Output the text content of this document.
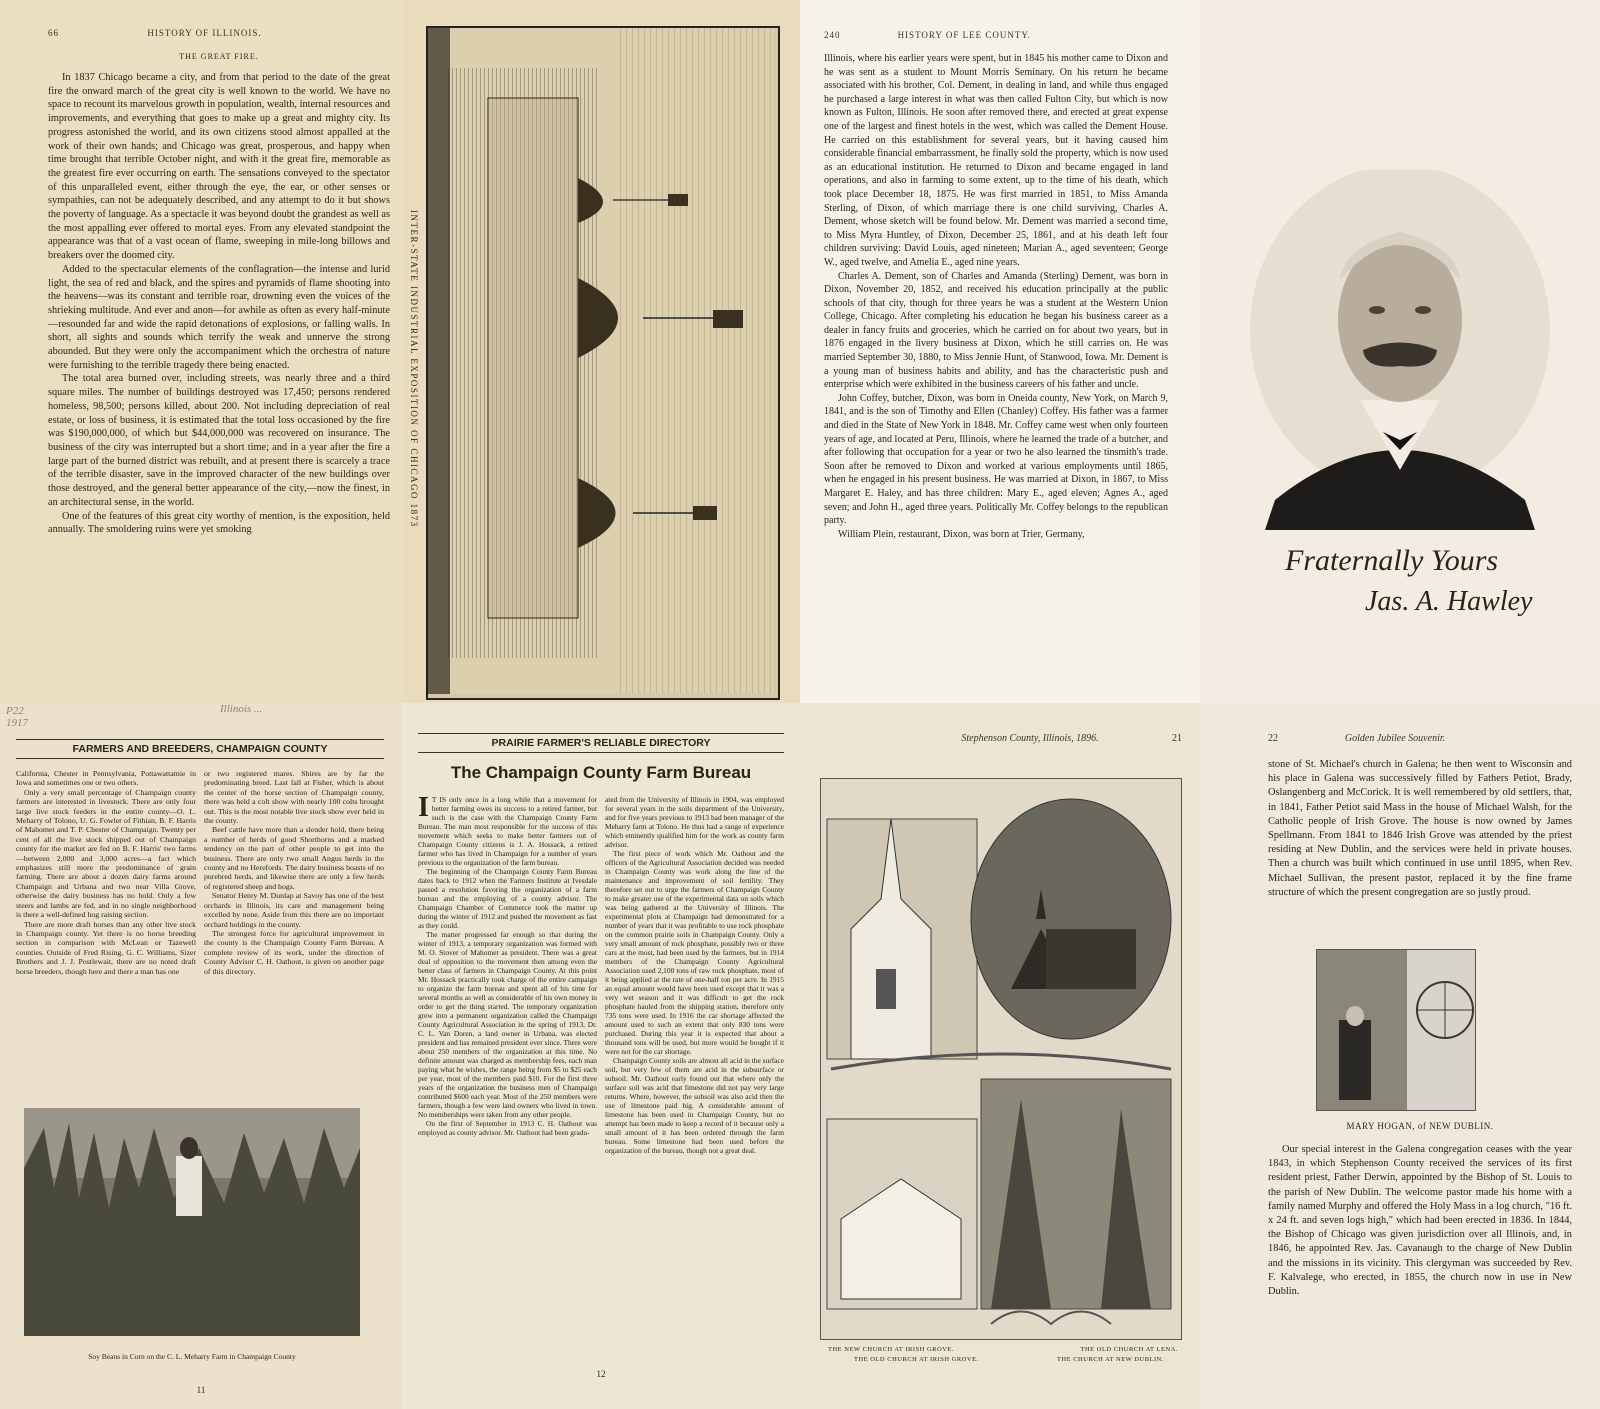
66	HISTORY OF ILLINOIS.
THE GREAT FIRE.

In 1837 Chicago became a city, and from that period to the date of the great fire the onward march of the great city is well known to the world. We have no space to recount its marvelous growth in population, wealth, internal resources and improvements, and everything that goes to make up a great and mighty city. Its progress astonished the world, and its own citizens stood almost appalled at the work of their own hands; and Chicago was great, prosperous, and happy when time brought that terrible October night, and with it the great fire, memorable as the greatest fire ever occurring on earth. The sensations conveyed to the spectator of this unparalleled event, either through the eye, the ear, or other senses or sympathies, can not be adequately described, and any attempt to do it but shows the poverty of language. As a spectacle it was beyond doubt the grandest as well as the most appalling ever offered to mortal eyes. From any elevated standpoint the appearance was that of a vast ocean of flame, sweeping in mile-long billows and breakers over the doomed city.

Added to the spectacular elements of the conflagration—the intense and lurid light, the sea of red and black, and the spires and pyramids of flame shooting into the heavens—was its constant and terrible roar, drowning even the voices of the shrieking multitude. And ever and anon—for awhile as often as every half-minute—resounded far and wide the rapid detonations of explosions, or falling walls. In short, all sights and sounds which terrify the weak and unnerve the strong abounded. But they were only the accompaniment which the orchestra of nature were furnishing to the terrible tragedy there being enacted.

The total area burned over, including streets, was nearly three and a third square miles. The number of buildings destroyed was 17,450; persons rendered homeless, 98,500; persons killed, about 200. Not including depreciation of real estate, or loss of business, it is estimated that the total loss occasioned by the fire was $190,000,000, of which but $44,000,000 was recovered on insurance. The business of the city was interrupted but a short time; and in a year after the fire a large part of the burned district was rebuilt, and at present there is scarcely a trace of the terrible disaster, save in the improved character of the new buildings over those destroyed, and the general better appearance of the city,—now the finest, in an architectural sense, in the world.

One of the features of this great city worthy of mention, is the exposition, held annually. The smoldering ruins were yet smoking

INTER-STATE INDUSTRIAL EXPOSITION OF CHICAGO 1873
240	HISTORY OF LEE COUNTY.

Illinois, where his earlier years were spent, but in 1845 his mother came to Dixon and he was sent as a student to Mount Morris Seminary. On his return he became associated with his brother, Col. Dement, in dealing in land, and while thus engaged he purchased a large interest in what was then called Fulton City, but which is now known as Fulton, Illinois. He soon after removed there, and erected at great expense one of the largest and finest hotels in the west, which was called the Dement House. He carried on this establishment for several years, but it having caused him considerable financial embarrassment, he finally sold the property, which is now used as an educational institution. He returned to Dixon and became engaged in land operations, and also in farming to some extent, up to the time of his death, which took place December 18, 1875. He was first married in 1851, to Miss Amanda Sterling, of Dixon, of which marriage there is one child surviving, Charles A. Dement, whose sketch will be found below. Mr. Dement was married a second time, to Miss Myra Huntley, of Dixon, December 25, 1861, and at his death left four children surviving: David Louis, aged nineteen; Marian A., aged seventeen; George W., aged twelve, and Amelia E., aged nine years.

Charles A. Dement, son of Charles and Amanda (Sterling) Dement, was born in Dixon, November 20, 1852, and received his education principally at the public schools of that city, though for three years he was a student at the Western Union College, Chicago. After completing his education he began his business career as a dealer in fancy fruits and groceries, which he carried on for about two years, but in 1876 engaged in the livery business at Dixon, which he still carries on. He was married September 30, 1880, to Miss Jennie Hunt, of Stanwood, Iowa. Mr. Dement is a young man of business habits and ability, and has the characteristic push and enterprise which were exhibited in the business careers of his father and uncle.

John Coffey, butcher, Dixon, was born in Oneida county, New York, on March 9, 1841, and is the son of Timothy and Ellen (Chanley) Coffey. His father was a farmer and died in the State of New York in 1848. Mr. Coffey came west when only fourteen years of age, and located at Peru, Illinois, where he learned the trade of a butcher, and after following that occupation for a year or two he also learned the tinsmith's trade. Soon after he removed to Dixon and worked at various employments until 1865, when he engaged in his present business. He was married at Dixon, in 1867, to Miss Margaret E. Haley, and has three children: Mary E., aged eleven; Agnes A., aged seven; and John H., aged three years. Politically Mr. Coffey belongs to the republican party.

William Plein, restaurant, Dixon, was born at Trier, Germany,

Fraternally Yours
Jas. A. Hawley
P22 1917
Illinois ...
FARMERS AND BREEDERS, CHAMPAIGN COUNTY

California, Chester in Pennsylvania, Pottawattamie in Iowa and sometimes one or two others.

Only a very small percentage of Champaign county farmers are interested in livestock. There are only four large live stock feeders in the entire county—O. L. Meharry of Tolono, U. G. Fowler of Fithian, B. F. Harris of Mahomet and T. P. Chester of Champaign. Twenty per cent of all the live stock shipped out of Champaign county for the market are fed on B. F. Harris' two farms—between 2,000 and 3,000 acres—a fact which emphasizes still more the predominance of grain farming. There are about a dozen dairy farms around Champaign and Urbana and two near Villa Grove, otherwise the dairy business has no hold. Only a few steers and lambs are fed, and in no single neighborhood is there a well-defined hog raising section.

There are more draft horses than any other live stock in Champaign county. Yet there is no horse breeding section in comparison with McLean or Tazewell counties. Outside of Fred Rising, G. C. Williams, Sizer Brothers and J. J. Postlewait, there are no noted draft horse breeders, though here and there a man has one

or two registered mares. Shires are by far the predominating breed. Last fall at Fisher, which is about the center of the horse section of Champaign county, there was held a colt show with nearly 100 colts brought out. This is the most notable live stock show ever held in the county.

Beef cattle have more than a slender hold, there being a number of herds of good Shorthorns and a marked tendency on the part of other people to get into the business. There are only two small Angus herds in the county and no Herefords. The dairy business boasts of no purebred herds, and likewise there are only a few herds of registered sheep and hogs.

Senator Henry M. Dunlap at Savoy has one of the best orchards in Illinois, its care and management being excelled by none. Aside from this there are no important orchard holdings in the county.

The strongest force for agricultural improvement in the county is the Champaign County Farm Bureau. A complete review of its work, under the direction of County Advisor C. H. Oathout, is given on another page of this directory.

Soy Beans in Corn on the C. L. Meharry Farm in Champaign County
11
PRAIRIE FARMER'S RELIABLE DIRECTORY
The Champaign County Farm Bureau
I T IS only once in a long while that a movement for better farming owes its success to a retired farmer, but such is the case with the Champaign County Farm Bureau. The man most responsible for the success of this movement which seeks to make better farmers out of Champaign County citizens is J. A. Hossack, a retired farmer who has lived in Champaign for a number of years previous to the organization of the farm bureau.

The beginning of the Champaign County Farm Bureau dates back to 1912 when the Farmers Institute at Ivesdale passed a resolution favoring the organization of a farm bureau and the employing of a county advisor. The Champaign Chamber of Commerce took the matter up during the winter of 1912 and pushed the movement as fast as they could.

The matter progressed far enough so that during the winter of 1913, a temporary organization was formed with M. O. Stover of Mahomet as president. There was a great deal of opposition to the movement then among even the better class of farmers in Champaign County. At this point Mr. Hossack practically took charge of the entire campaign to organize the farm bureau and spent all of his time for several months as well as considerable of his own money in order to get the thing started. The temporary organization grew into a permanent organization called the Champaign County Agricultural Association in the spring of 1913, Dr. C. L. Van Doren, a land owner in Urbana, was elected president and has remained president ever since. There were about 250 members of the organization at this time. No definite amount was charged as membership fees, each man paying what he wishes, the range being from $5 to $25 each per year, most of the members paid $10. For the first three years of the organization the business men of Champaign contributed $600 each year. Most of the 250 members were farmers, though a few were land owners who lived in town. No memberships were taken from any other people.

On the first of September in 1913 C. H. Oathout was employed as county advisor. Mr. Oathout had been gradu-

ated from the University of Illinois in 1904, was employed for several years in the soils department of the University, and for five years previous to 1913 had been manager of the Meharry farm at Tolono. He thus had a range of experience which eminently qualified him for the work as county farm advisor.

The first piece of work which Mr. Oathout and the officers of the Agricultural Association decided was needed in Champaign County was work along the line of the maintenance and improvement of soil fertility. They therefore set out to urge the farmers of Champaign County to make greater use of the experimental data on soils which was being gathered at the University of Illinois. The experimental plots at Champaign had demonstrated for a number of years that it was profitable to use rock phosphate on the common prairie soils in Champaign County. Only a very small amount of rock phosphate, possibly two or three cars at the most, had been used by the farmers, but in 1914 members of the Champaign County Agricultural Association used 2,100 tons of raw rock phosphate, most of it being applied at the rate of one-half ton per acre. In 1915 an equal amount would have been used except that it was a very wet season and it was difficult to get the rock phosphate hauled from the shipping station, therefore only 735 tons were used. In 1916 the car shortage affected the amount used to such an extent that only 830 tons were purchased. During this year it is expected that about a thousand tons will be used, but more would be bought if it were not for the car shortage.

Champaign County soils are almost all acid in the surface soil, but very few of them are acid in the subsurface or subsoil. Mr. Oathout early found out that where only the surface soil was acid that limestone did not pay very large returns. Where, however, the subsoil was also acid then the use of limestone paid big. A considerable amount of limestone has been used in Champaign County, but no attempt has been made to keep a record of it because only a small amount of it has been ordered through the farm bureau. Some limestone had been used before the organization of the bureau, though not a great deal.

12
Stephenson County, Illinois, 1896.	21
THE NEW CHURCH AT IRISH GROVE.	THE OLD CHURCH AT LENA.
THE OLD CHURCH AT IRISH GROVE.	THE CHURCH AT NEW DUBLIN.
22	Golden Jubilee Souvenir.

stone of St. Michael's church in Galena; he then went to Wisconsin and his place in Galena was successively filled by Fathers Petiot, Brady, Oslangenberg and McCorick. It is well remembered by old settlers, that, in 1841, Father Petiot said Mass in the house of Michael Walsh, for the Catholic people of Irish Grove. The house is now owned by James Spellmann. From 1841 to 1846 Irish Grove was attended by the priest residing at New Dublin, and the services were held in private houses. Then a church was built which continued in use until 1895, when Rev. Michael Sullivan, the present pastor, replaced it by the fine frame structure of which the present congregation are so justly proud.

MARY HOGAN, of NEW DUBLIN.

Our special interest in the Galena congregation ceases with the year 1843, in which Stephenson County received the services of its first resident priest, Father Derwin, appointed by the Bishop of St. Louis to the parish of New Dublin. The welcome pastor made his home with a family named Murphy and offered the Holy Mass in a log church, "16 ft. x 24 ft. and seven logs high," which had been erected in 1836. In 1844, the Bishop of Chicago was given jurisdiction over all Illinois, and, in 1846, he appointed Rev. Jas. Cavanaugh to the charge of New Dublin and the missions in its vicinity. This clergyman was succeeded by Rev. F. Kalvalege, who erected, in 1855, the church now in use in New Dublin.
